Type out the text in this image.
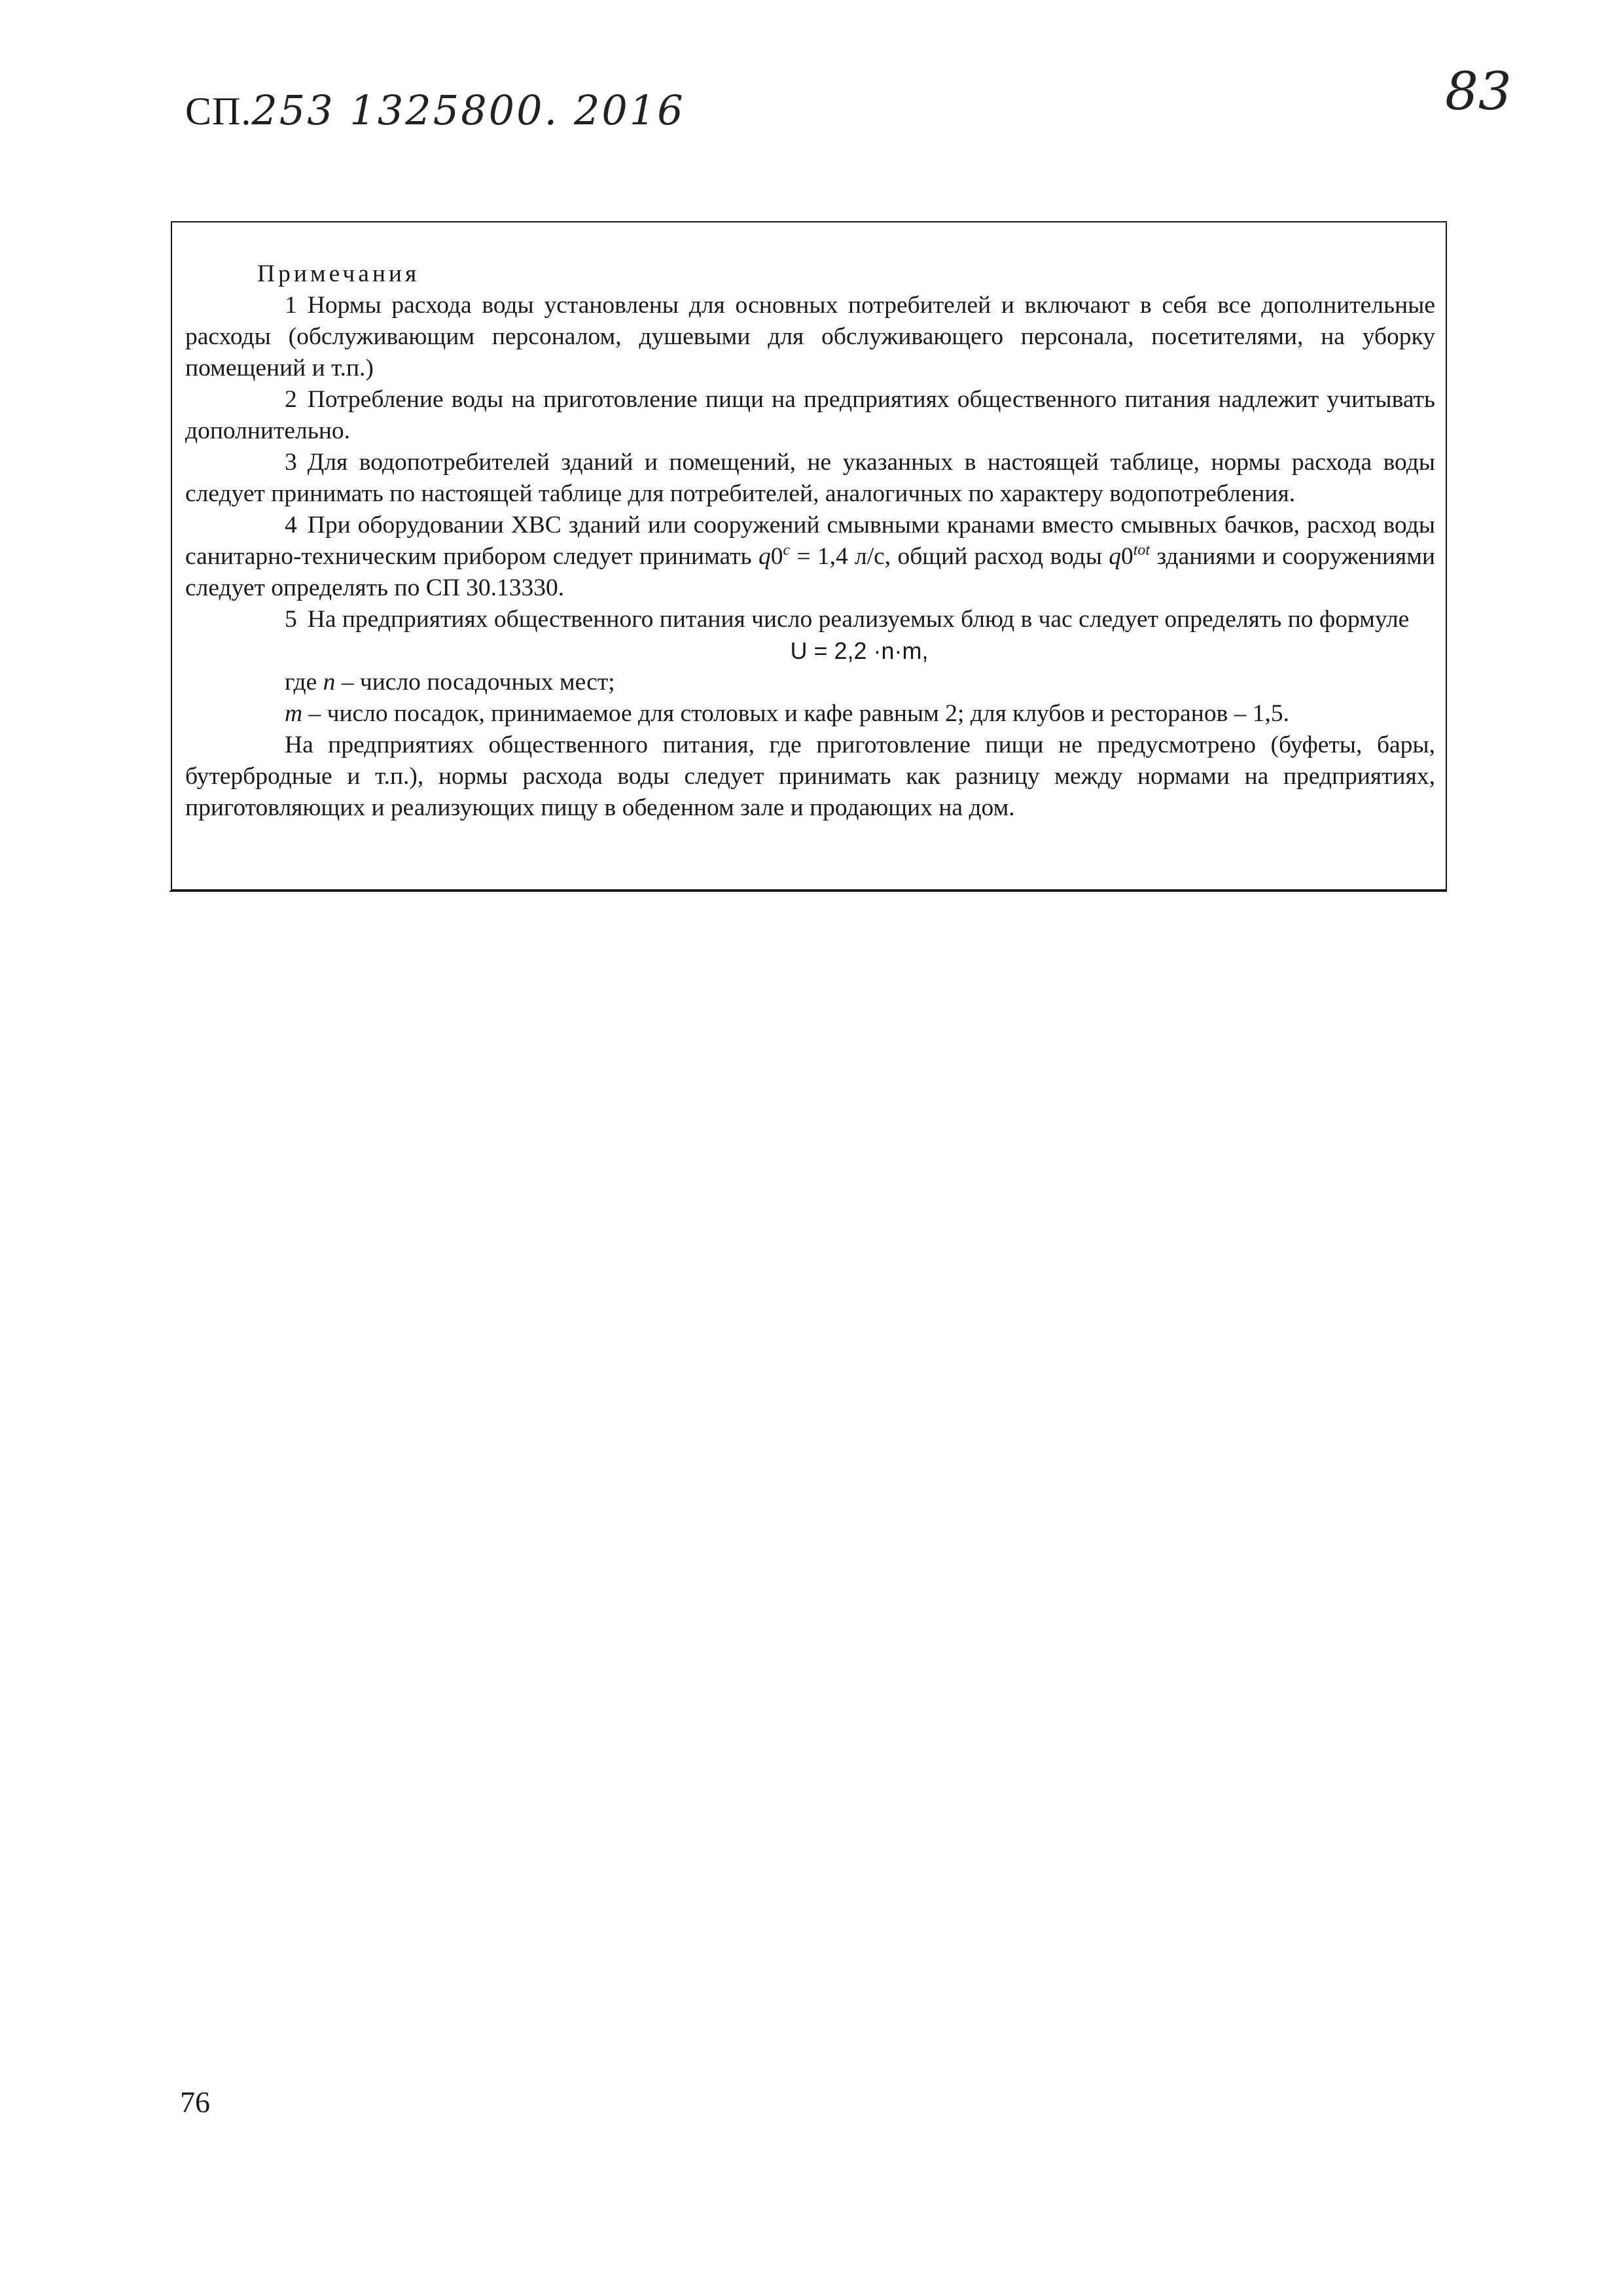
СП.253 1325800. 2016	83

Примечания

1 Нормы расхода воды установлены для основных потребителей и включают в себя все дополнительные расходы (обслуживающим персоналом, душевыми для обслуживающего персонала, посетителями, на уборку помещений и т.п.)

2 Потребление воды на приготовление пищи на предприятиях общественного питания надлежит учитывать дополнительно.

3 Для водопотребителей зданий и помещений, не указанных в настоящей таблице, нормы расхода воды следует принимать по настоящей таблице для потребителей, аналогичных по характеру водопотребления.

4 При оборудовании ХВС зданий или сооружений смывными кранами вместо смывных бачков, расход воды санитарно-техническим прибором следует принимать $q0^c = 1,4$ л/с, общий расход воды $q0^{tot}$ зданиями и сооружениями следует определять по СП 30.13330.

5 На предприятиях общественного питания число реализуемых блюд в час следует определять по формуле

U = 2,2 ·n·m,

где n – число посадочных мест;

m – число посадок, принимаемое для столовых и кафе равным 2; для клубов и ресторанов – 1,5.

На предприятиях общественного питания, где приготовление пищи не предусмотрено (буфеты, бары, бутербродные и т.п.), нормы расхода воды следует принимать как разницу между нормами на предприятиях, приготовляющих и реализующих пищу в обеденном зале и продающих на дом.

76
